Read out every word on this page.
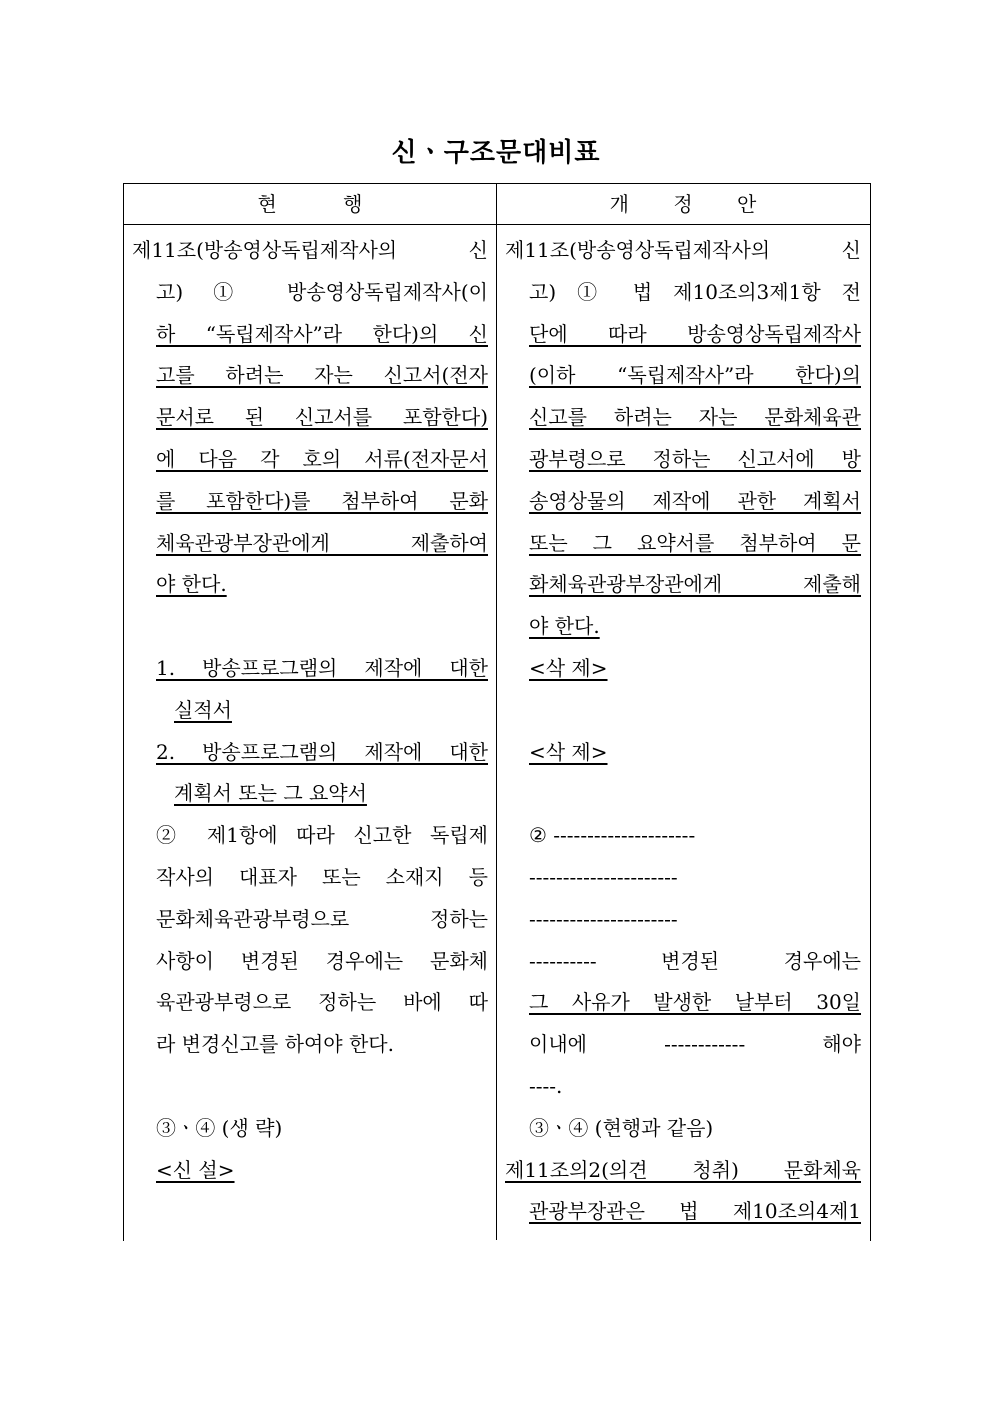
신ㆍ구조문대비표
현 행	개 정 안
제11조(방송영상독립제작사의 신
고) ① 방송영상독립제작사(이
하 “독립제작사”라 한다)의 신
고를 하려는 자는 신고서(전자
문서로 된 신고서를 포함한다)
에 다음 각 호의 서류(전자문서
를 포함한다)를 첨부하여 문화
체육관광부장관에게 제출하여
야 한다.
1. 방송프로그램의 제작에 대한
실적서
2. 방송프로그램의 제작에 대한
계획서 또는 그 요약서
② 제1항에 따라 신고한 독립제
작사의 대표자 또는 소재지 등
문화체육관광부령으로 정하는
사항이 변경된 경우에는 문화체
육관광부령으로 정하는 바에 따
라 변경신고를 하여야 한다.
③ㆍ④ (생 략)
<신 설>
제11조(방송영상독립제작사의 신
고) ① 법 제10조의3제1항 전
단에 따라 방송영상독립제작사
(이하 “독립제작사”라 한다)의
신고를 하려는 자는 문화체육관
광부령으로 정하는 신고서에 방
송영상물의 제작에 관한 계획서
또는 그 요약서를 첨부하여 문
화체육관광부장관에게 제출해
야 한다.
<삭 제>
<삭 제>
② ---------------------
----------------------
----------------------
---------- 변경된 경우에는
그 사유가 발생한 날부터 30일
이내에 ------------ 해야
----.
③ㆍ④ (현행과 같음)
제11조의2(의견 청취) 문화체육
관광부장관은 법 제10조의4제1
